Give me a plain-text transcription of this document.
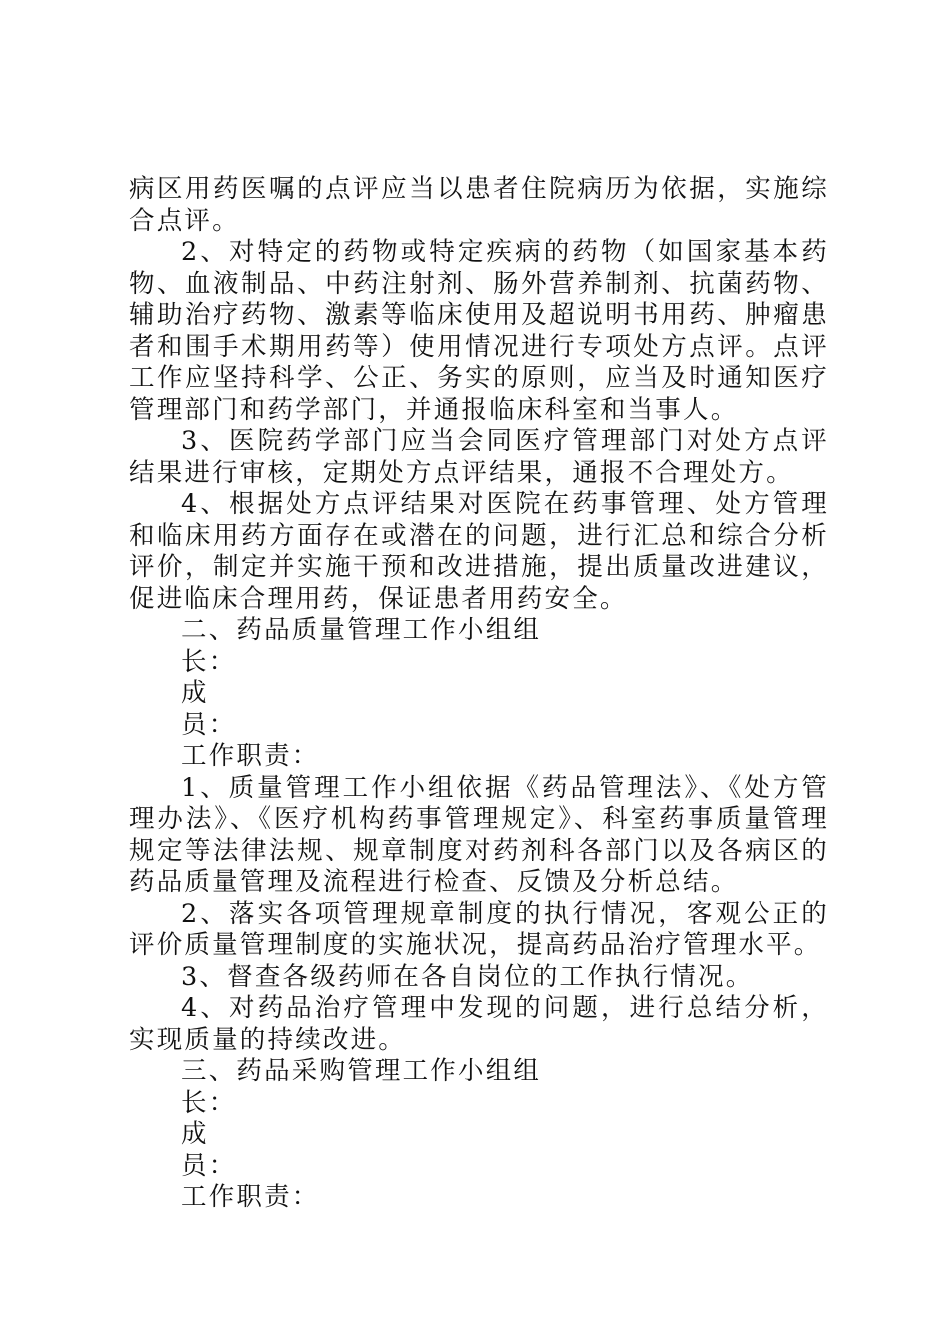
病区用药医嘱的点评应当以患者住院病历为依据，实施综合点评。

2、对特定的药物或特定疾病的药物（如国家基本药物、血液制品、中药注射剂、肠外营养制剂、抗菌药物、辅助治疗药物、激素等临床使用及超说明书用药、肿瘤患者和围手术期用药等）使用情况进行专项处方点评。点评工作应坚持科学、公正、务实的原则，应当及时通知医疗管理部门和药学部门，并通报临床科室和当事人。

3、医院药学部门应当会同医疗管理部门对处方点评结果进行审核，定期处方点评结果，通报不合理处方。

4、根据处方点评结果对医院在药事管理、处方管理和临床用药方面存在或潜在的问题，进行汇总和综合分析评价，制定并实施干预和改进措施，提出质量改进建议，促进临床合理用药，保证患者用药安全。

二、药品质量管理工作小组组

长：

成

员：

工作职责：

1、质量管理工作小组依据《药品管理法》、《处方管理办法》、《医疗机构药事管理规定》、科室药事质量管理规定等法律法规、规章制度对药剂科各部门以及各病区的药品质量管理及流程进行检查、反馈及分析总结。

2、落实各项管理规章制度的执行情况，客观公正的评价质量管理制度的实施状况，提高药品治疗管理水平。

3、督查各级药师在各自岗位的工作执行情况。

4、对药品治疗管理中发现的问题，进行总结分析，实现质量的持续改进。

三、药品采购管理工作小组组

长：

成

员：

工作职责：
